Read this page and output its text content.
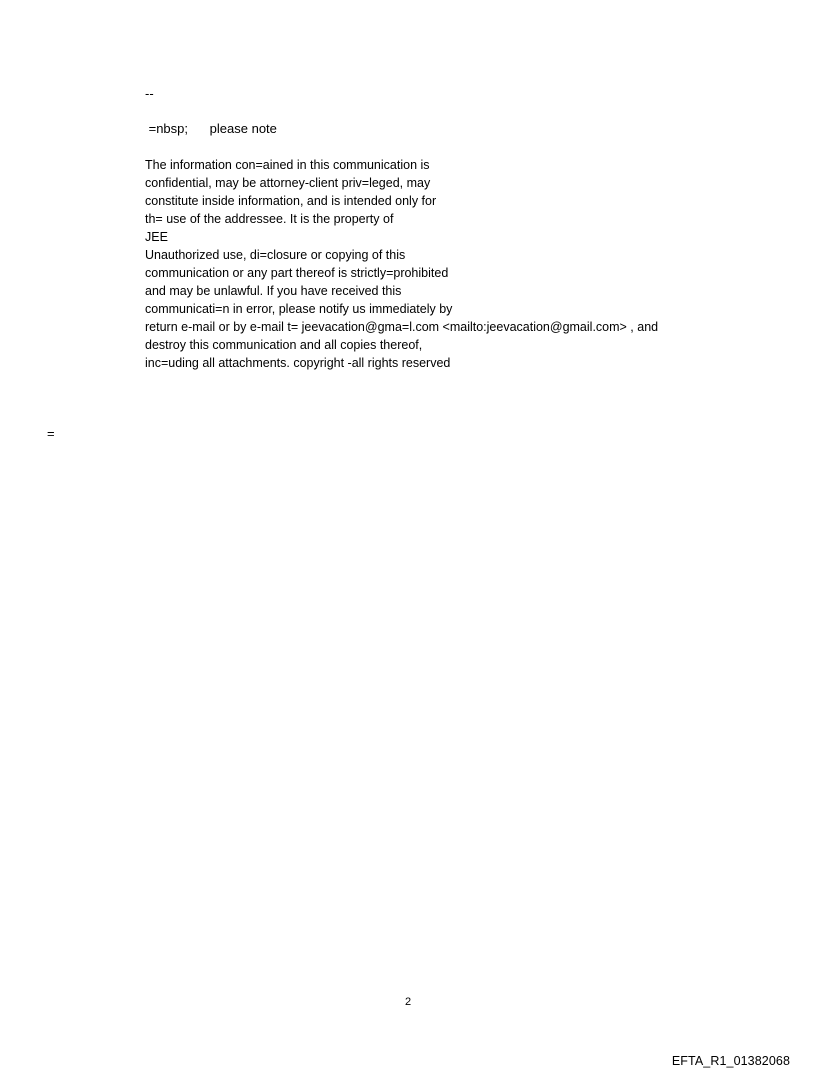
--
=nbsp;      please note
The information con=ained in this communication is
confidential, may be attorney-client priv=leged, may
constitute inside information, and is intended only for
th= use of the addressee. It is the property of
JEE
Unauthorized use, di=closure or copying of this
communication or any part thereof is strictly=prohibited
and may be unlawful. If you have received this
communicati=n in error, please notify us immediately by
return e-mail or by e-mail t= jeevacation@gma=l.com <mailto:jeevacation@gmail.com> , and
destroy this communication and all copies thereof,
inc=uding all attachments. copyright -all rights reserved
=
2
EFTA_R1_01382068
